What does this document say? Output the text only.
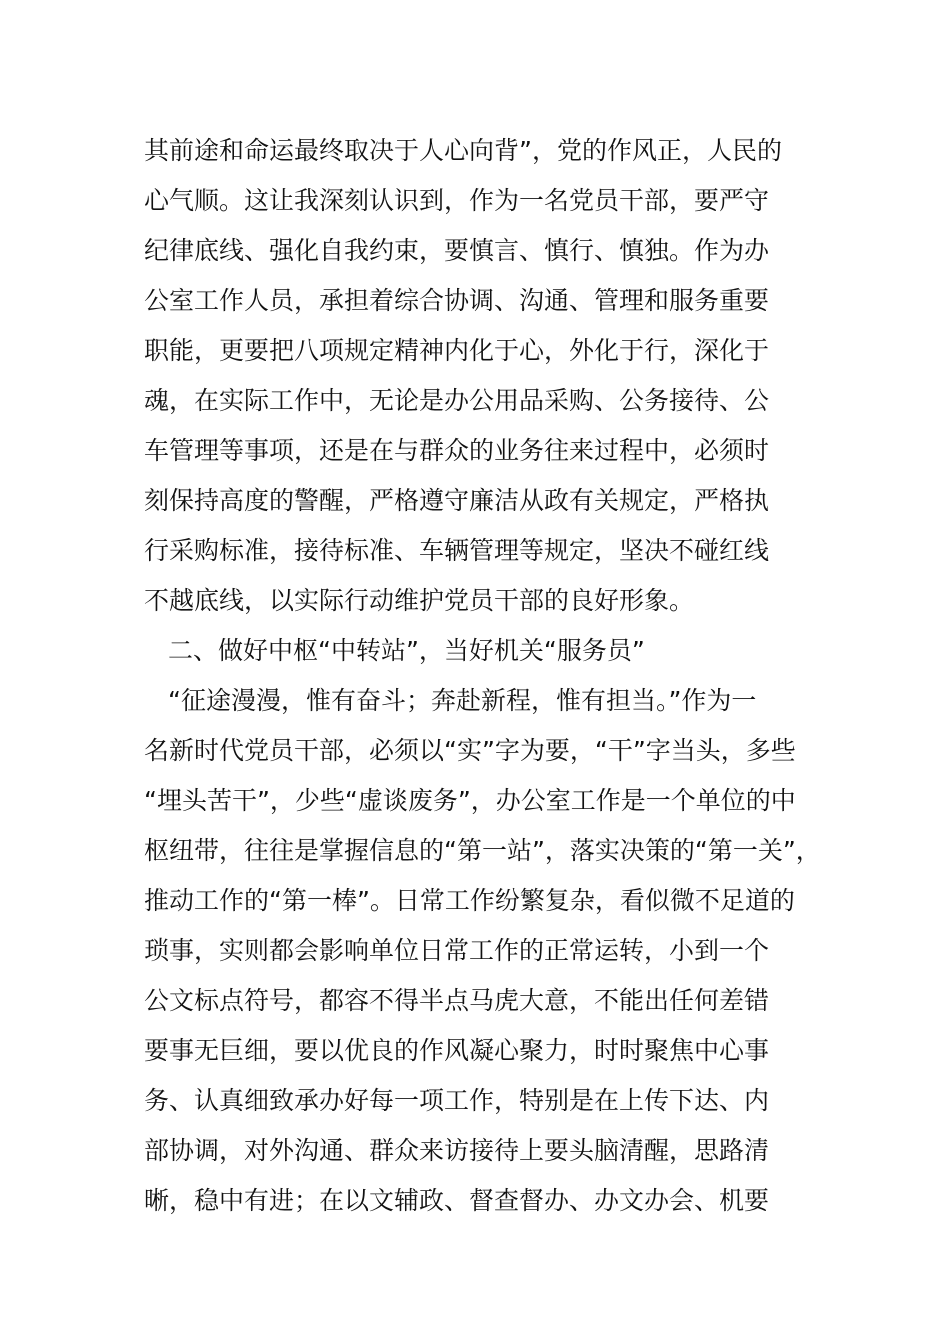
其前途和命运最终取决于人心向背”，党的作风正，人民的
心气顺。这让我深刻认识到，作为一名党员干部，要严守
纪律底线、强化自我约束，要慎言、慎行、慎独。作为办
公室工作人员，承担着综合协调、沟通、管理和服务重要
职能，更要把八项规定精神内化于心，外化于行，深化于
魂，在实际工作中，无论是办公用品采购、公务接待、公
车管理等事项，还是在与群众的业务往来过程中，必须时
刻保持高度的警醒，严格遵守廉洁从政有关规定，严格执
行采购标准，接待标准、车辆管理等规定，坚决不碰红线
不越底线，以实际行动维护党员干部的良好形象。
二、做好中枢“中转站”，当好机关“服务员”
“征途漫漫，惟有奋斗；奔赴新程，惟有担当。”作为一
名新时代党员干部，必须以“实”字为要，“干”字当头，多些
“埋头苦干”，少些“虚谈废务”，办公室工作是一个单位的中
枢纽带，往往是掌握信息的“第一站”，落实决策的“第一关”，
推动工作的“第一棒”。日常工作纷繁复杂，看似微不足道的
琐事，实则都会影响单位日常工作的正常运转，小到一个
公文标点符号，都容不得半点马虎大意，不能出任何差错
要事无巨细，要以优良的作风凝心聚力，时时聚焦中心事
务、认真细致承办好每一项工作，特别是在上传下达、内
部协调，对外沟通、群众来访接待上要头脑清醒，思路清
晰，稳中有进；在以文辅政、督查督办、办文办会、机要
